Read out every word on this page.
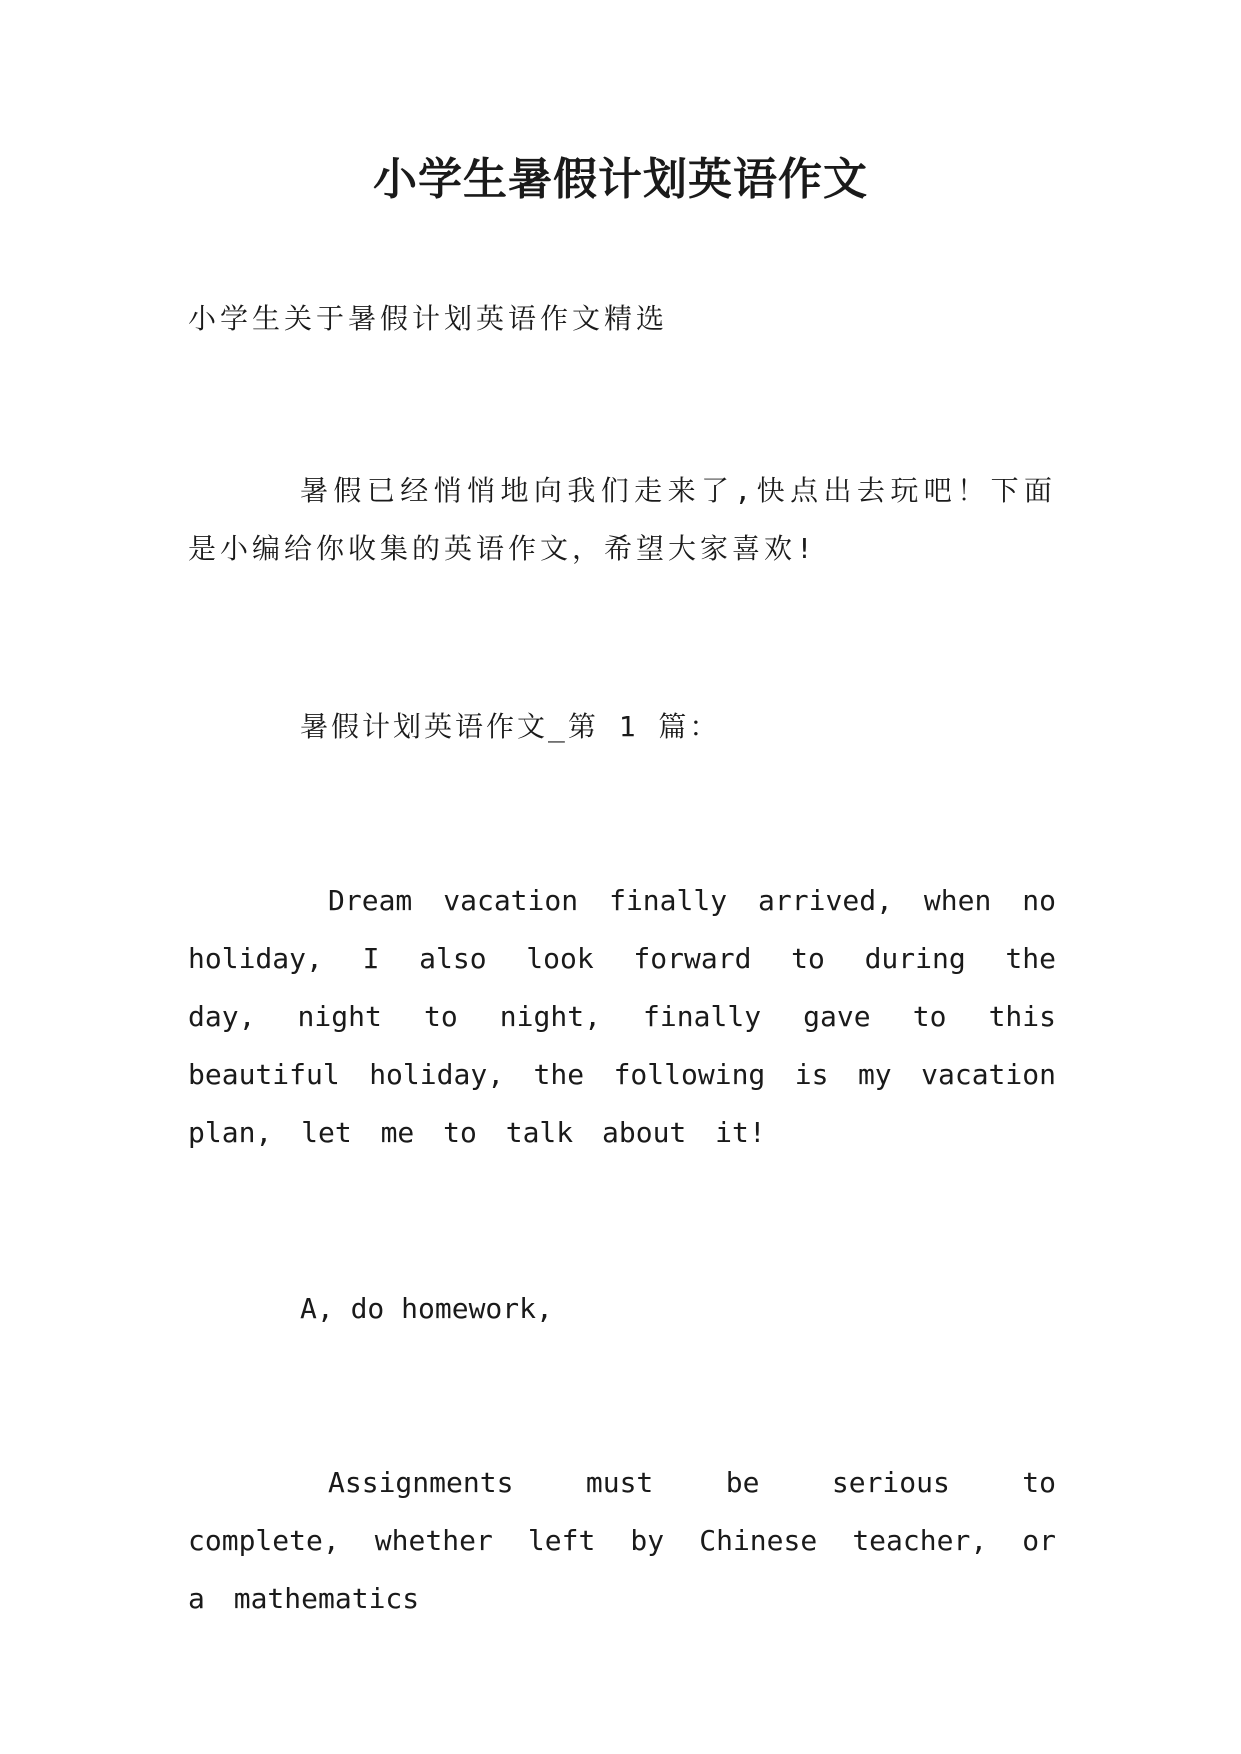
小学生暑假计划英语作文
小学生关于暑假计划英语作文精选
暑假已经悄悄地向我们走来了,快点出去玩吧！下面是小编给你收集的英语作文，希望大家喜欢!
暑假计划英语作文_第 1 篇：
Dream vacation finally arrived, when no holiday, I also look forward to during the day, night to night, finally gave to this beautiful holiday, the following is my vacation plan, let me to talk about it!
A, do homework,
Assignments must be serious to complete, whether left by Chinese teacher, or a mathematics
